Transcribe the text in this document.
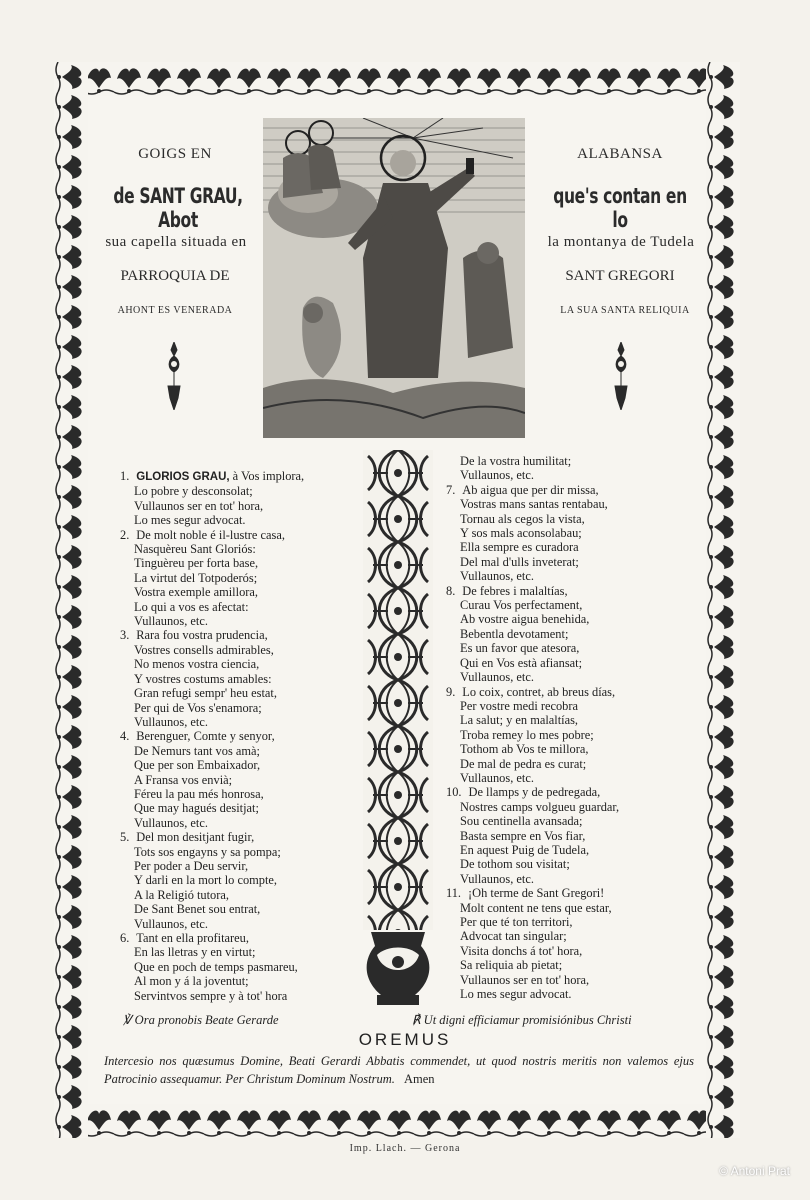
GOIGS EN
de SANT GRAU, Abot
sua capella situada en
PARROQUIA DE
AHONT ES VENERADA
ALABANSA
que's contan en lo
la montanya de Tudela
SANT GREGORI
LA SUA SANTA RELIQUIA
1. GLORIOS GRAU, à Vos implora,
Lo pobre y desconsolat;
Vullaunos ser en tot' hora,
Lo mes segur advocat.
2. De molt noble é il-lustre casa,
Nasquèreu Sant Gloriós:
Tinguèreu per forta base,
La virtut del Totpoderós;
Vostra exemple amillora,
Lo qui a vos es afectat:
Vullaunos, etc.
3. Rara fou vostra prudencia,
Vostres consells admirables,
No menos vostra ciencia,
Y vostres costums amables:
Gran refugi sempr' heu estat,
Per qui de Vos s'enamora;
Vullaunos, etc.
4. Berenguer, Comte y senyor,
De Nemurs tant vos amà;
Que per son Embaixador,
A Fransa vos envià;
Féreu la pau més honrosa,
Que may hagués desitjat;
Vullaunos, etc.
5. Del mon desitjant fugir,
Tots sos engayns y sa pompa;
Per poder a Deu servir,
Y darli en la mort lo compte,
A la Religió tutora,
De Sant Benet sou entrat,
Vullaunos, etc.
6. Tant en ella profitareu,
En las lletras y en virtut;
Que en poch de temps pasmareu,
Al mon y á la joventut;
Servintvos sempre y à tot' hora
De la vostra humilitat;
Vullaunos, etc.
7. Ab aigua que per dir missa,
Vostras mans santas rentabau,
Tornau als cegos la vista,
Y sos mals aconsolabau;
Ella sempre es curadora
Del mal d'ulls inveterat;
Vullaunos, etc.
8. De febres i malaltías,
Curau Vos perfectament,
Ab vostre aigua benehida,
Bebentla devotament;
Es un favor que atesora,
Qui en Vos està afiansat;
Vullaunos, etc.
9. Lo coix, contret, ab breus días,
Per vostre medi recobra
La salut; y en malaltías,
Troba remey lo mes pobre;
Tothom ab Vos te millora,
De mal de pedra es curat;
Vullaunos, etc.
10. De llamps y de pedregada,
Nostres camps volgueu guardar,
Sou centinella avansada;
Basta sempre en Vos fiar,
En aquest Puig de Tudela,
De tothom sou visitat;
Vullaunos, etc.
11. ¡Oh terme de Sant Gregori!
Molt content ne tens que estar,
Per que té ton territori,
Advocat tan singular;
Visita donchs á tot' hora,
Sa reliquia ab pietat;
Vullaunos ser en tot' hora,
Lo mes segur advocat.
℣ Ora pronobis Beate Gerarde	℟ Ut digni efficiamur promisiónibus Christi
OREMUS
Intercesio nos quæsumus Domine, Beati Gerardi Abbatis commendet, ut quod nostris meritis non valemos ejus Patrocinio assequamur. Per Christum Dominum Nostrum. Amen
Imp. Llach. — Gerona
© Antoni Prat
